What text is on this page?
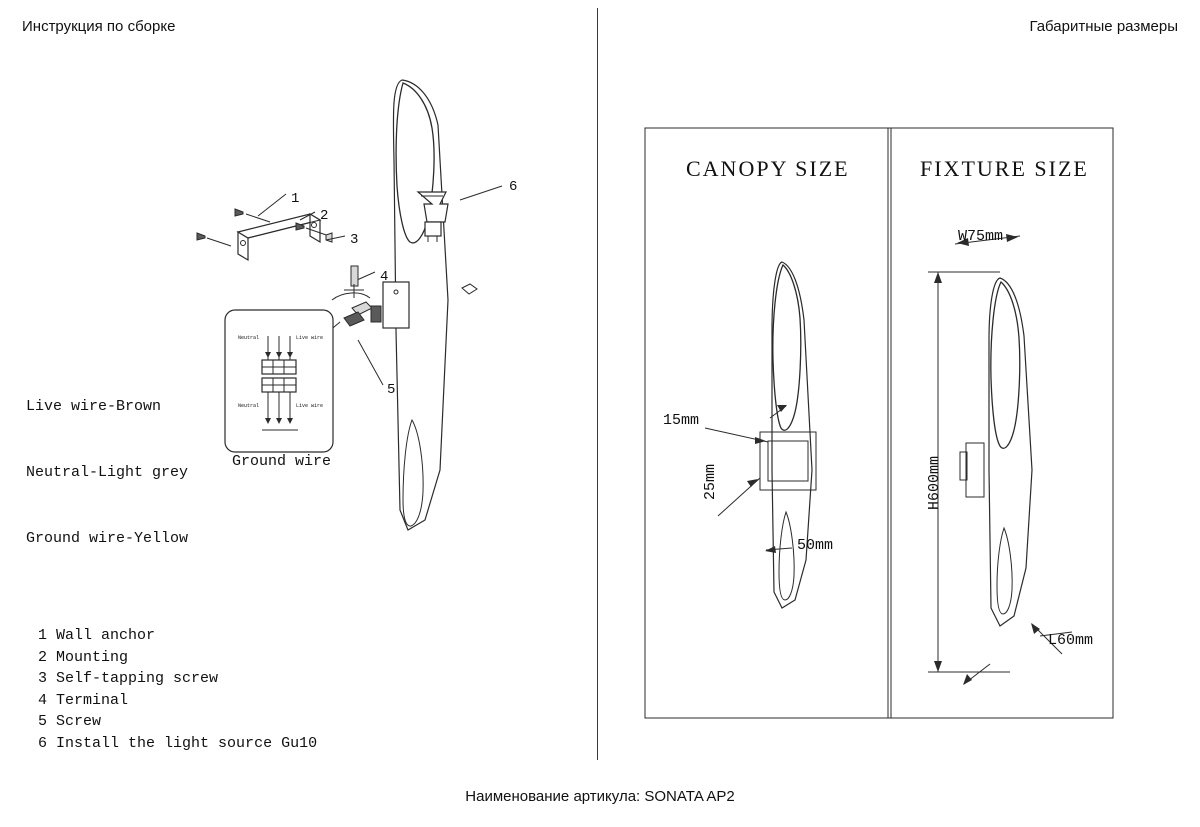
Инструкция по сборке	Габаритные размеры
Neutral	Live wire
Neutral	Live wire
1
2
3
4
5
6

Live wire-Brown

Neutral-Light grey

Ground wire-Yellow

Ground wire
1 Wall anchor
2 Mounting
3 Self-tapping screw
4 Terminal
5 Screw
6 Install the light source Gu10
CANOPY SIZE	FIXTURE SIZE
15mm
25mm
50mm
W75mm
H600mm
L60mm
Наименование артикула: SONATA AP2
